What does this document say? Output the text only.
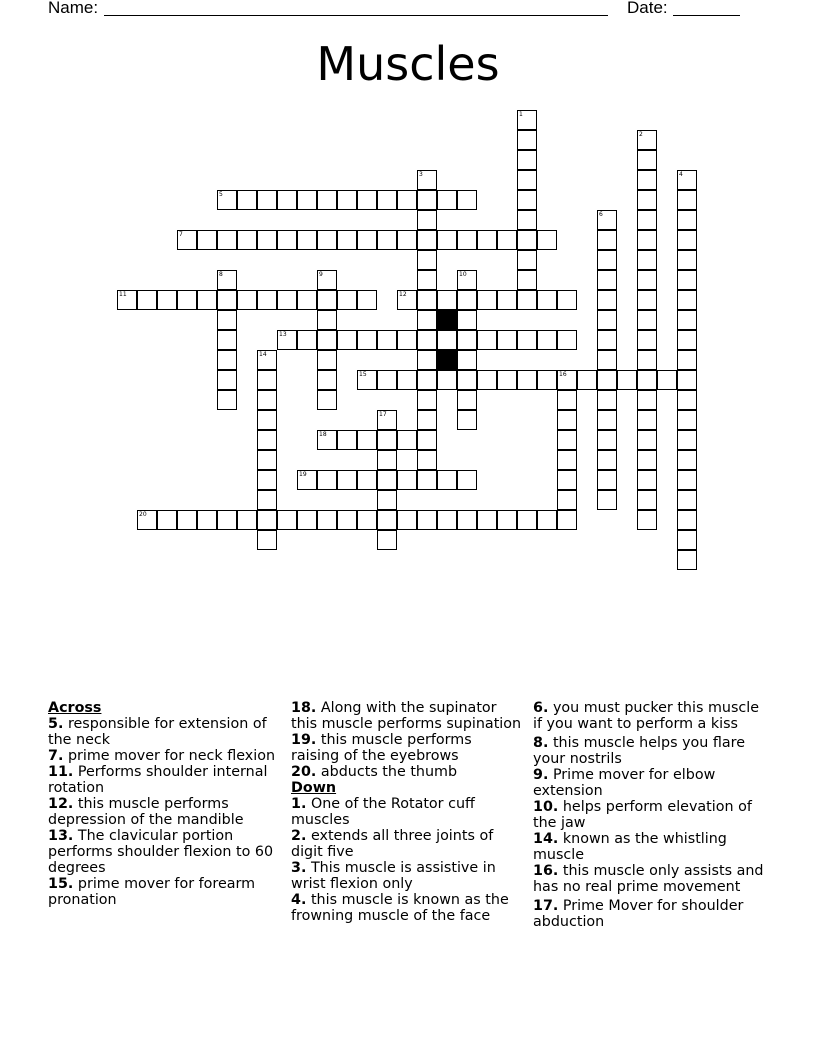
Name:	Date:
Muscles
1
2
3	4
5
6
7
8	9	10
11	12
13
14
15	16
17
18
19
20
Across
5. responsible for extension of the neck
7. prime mover for neck flexion
11. Performs shoulder internal rotation
12. this muscle performs depression of the mandible
13. The clavicular portion performs shoulder flexion to 60 degrees
15. prime mover for forearm pronation
18. Along with the supinator this muscle performs supination
19. this muscle performs raising of the eyebrows
20. abducts the thumb
Down
1. One of the Rotator cuff muscles
2. extends all three joints of digit five
3. This muscle is assistive in wrist flexion only
4. this muscle is known as the frowning muscle of the face
6. you must pucker this muscle if you want to perform a kiss
8. this muscle helps you flare your nostrils
9. Prime mover for elbow extension
10. helps perform elevation of the jaw
14. known as the whistling muscle
16. this muscle only assists and has no real prime movement
17. Prime Mover for shoulder abduction
